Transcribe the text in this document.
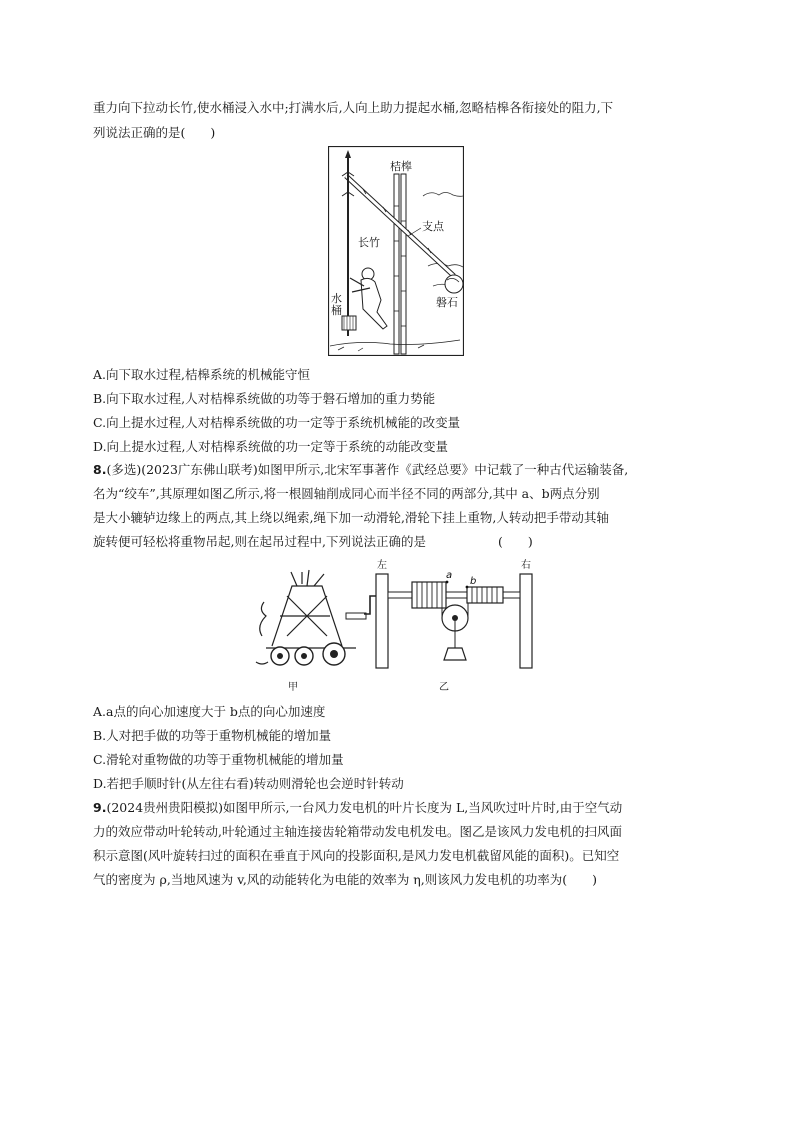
重力向下拉动长竹,使水桶浸入水中;打满水后,人向上助力提起水桶,忽略桔槔各衔接处的阻力,下
列说法正确的是(　　)
桔槔
支点
长竹
水
桶
磐石
A.向下取水过程,桔槔系统的机械能守恒
B.向下取水过程,人对桔槔系统做的功等于磐石增加的重力势能
C.向上提水过程,人对桔槔系统做的功一定等于系统机械能的改变量
D.向上提水过程,人对桔槔系统做的功一定等于系统的动能改变量
8.(多选)(2023广东佛山联考)如图甲所示,北宋军事著作《武经总要》中记载了一种古代运输装备,
名为“绞车”,其原理如图乙所示,将一根圆轴削成同心而半径不同的两部分,其中 a、b两点分别
是大小辘轳边缘上的两点,其上绕以绳索,绳下加一动滑轮,滑轮下挂上重物,人转动把手带动其轴
旋转便可轻松将重物吊起,则在起吊过程中,下列说法正确的是	(　　)
左	右
a
b
甲	乙
A.a点的向心加速度大于 b点的向心加速度
B.人对把手做的功等于重物机械能的增加量
C.滑轮对重物做的功等于重物机械能的增加量
D.若把手顺时针(从左往右看)转动则滑轮也会逆时针转动
9.(2024贵州贵阳模拟)如图甲所示,一台风力发电机的叶片长度为 L,当风吹过叶片时,由于空气动
力的效应带动叶轮转动,叶轮通过主轴连接齿轮箱带动发电机发电。图乙是该风力发电机的扫风面
积示意图(风叶旋转扫过的面积在垂直于风向的投影面积,是风力发电机截留风能的面积)。已知空
气的密度为 ρ,当地风速为 v,风的动能转化为电能的效率为 η,则该风力发电机的功率为(　　)
